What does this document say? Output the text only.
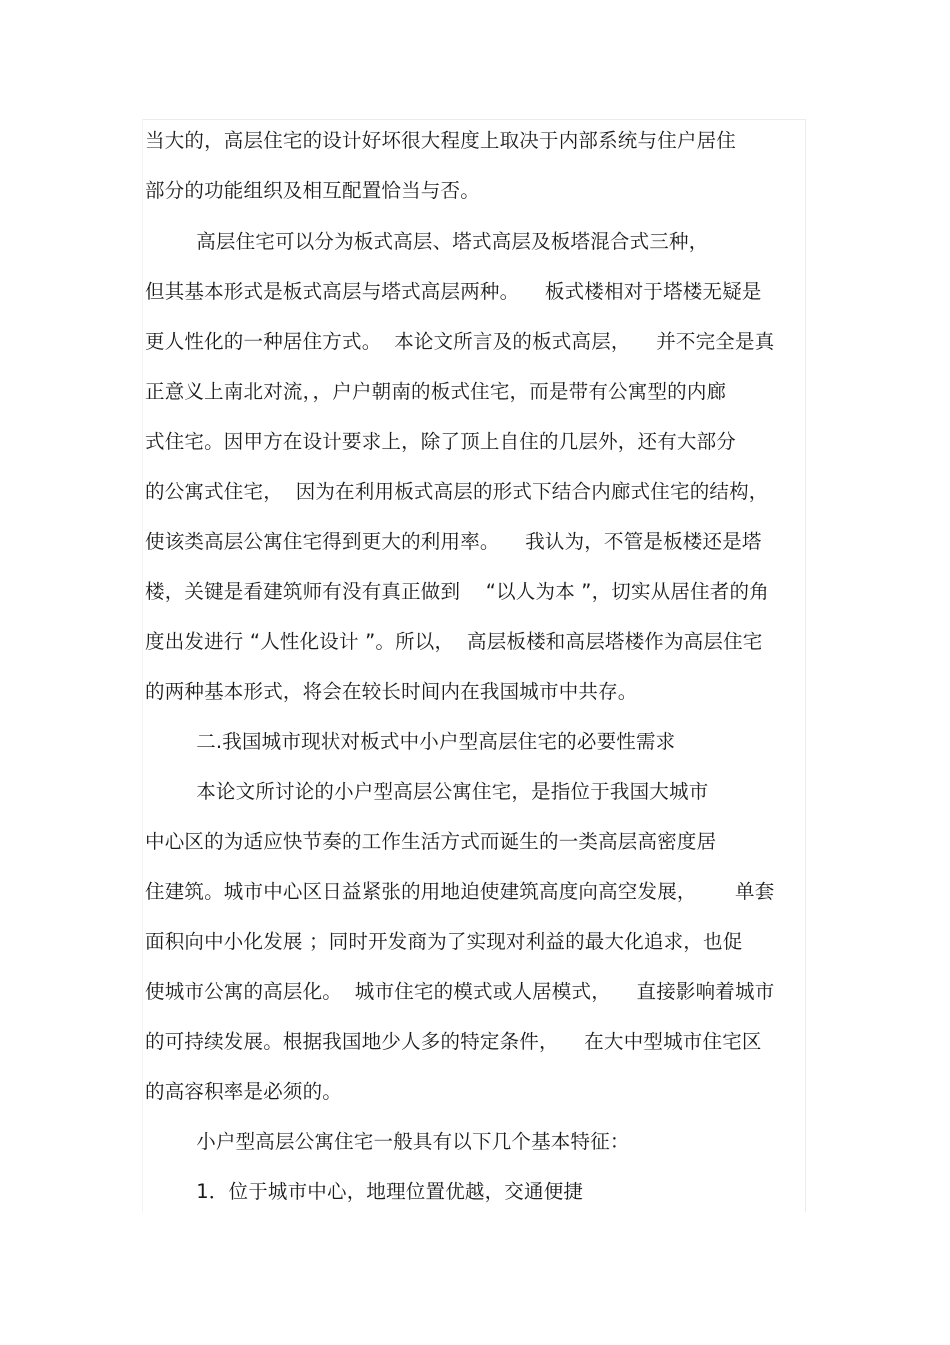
当大的，高层住宅的设计好坏很大程度上取决于内部系统与住户居住

部分的功能组织及相互配置恰当与否。

高层住宅可以分为板式高层、塔式高层及板塔混合式三种，

但其基本形式是板式高层与塔式高层两种。    板式楼相对于塔楼无疑是

更人性化的一种居住方式。  本论文所言及的板式高层，    并不完全是真

正意义上南北对流，，户户朝南的板式住宅，而是带有公寓型的内廊

式住宅。因甲方在设计要求上，除了顶上自住的几层外，还有大部分

的公寓式住宅，  因为在利用板式高层的形式下结合内廊式住宅的结构，

使该类高层公寓住宅得到更大的利用率。    我认为，不管是板楼还是塔

楼，关键是看建筑师有没有真正做到    “以人为本 ”，切实从居住者的角

度出发进行 “人性化设计 ”。所以，  高层板楼和高层塔楼作为高层住宅

的两种基本形式，将会在较长时间内在我国城市中共存。

二.我国城市现状对板式中小户型高层住宅的必要性需求

本论文所讨论的小户型高层公寓住宅，是指位于我国大城市

中心区的为适应快节奏的工作生活方式而诞生的一类高层高密度居

住建筑。城市中心区日益紧张的用地迫使建筑高度向高空发展，      单套

面积向中小化发展 ；同时开发商为了实现对利益的最大化追求，也促

使城市公寓的高层化。  城市住宅的模式或人居模式，    直接影响着城市

的可持续发展。根据我国地少人多的特定条件，    在大中型城市住宅区

的高容积率是必须的。

小户型高层公寓住宅一般具有以下几个基本特征：

1．位于城市中心，地理位置优越，交通便捷
